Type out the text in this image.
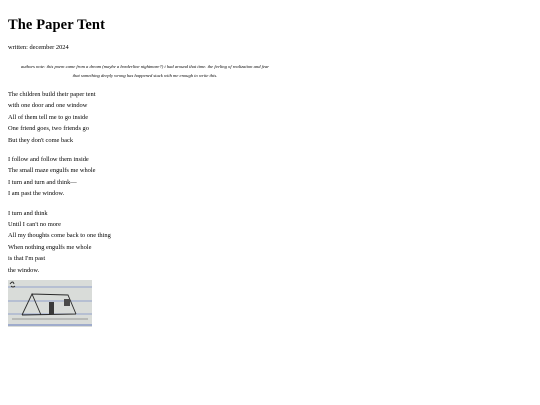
The Paper Tent

written: december 2024

authors note: this poem came from a dream (maybe a borderline nightmare?) i had around that time. the feeling of realization and fear that something deeply wrong has happened stuck with me enough to write this.

The children build their paper tent
with one door and one window
All of them tell me to go inside
One friend goes, two friends go
But they don't come back
I follow and follow them inside
The small maze engulfs me whole
I turn and turn and think—
I am past the window.
I turn and think
Until I can't no more
All my thoughts come back to one thing
When nothing engulfs me whole
is that I'm past
the window.
